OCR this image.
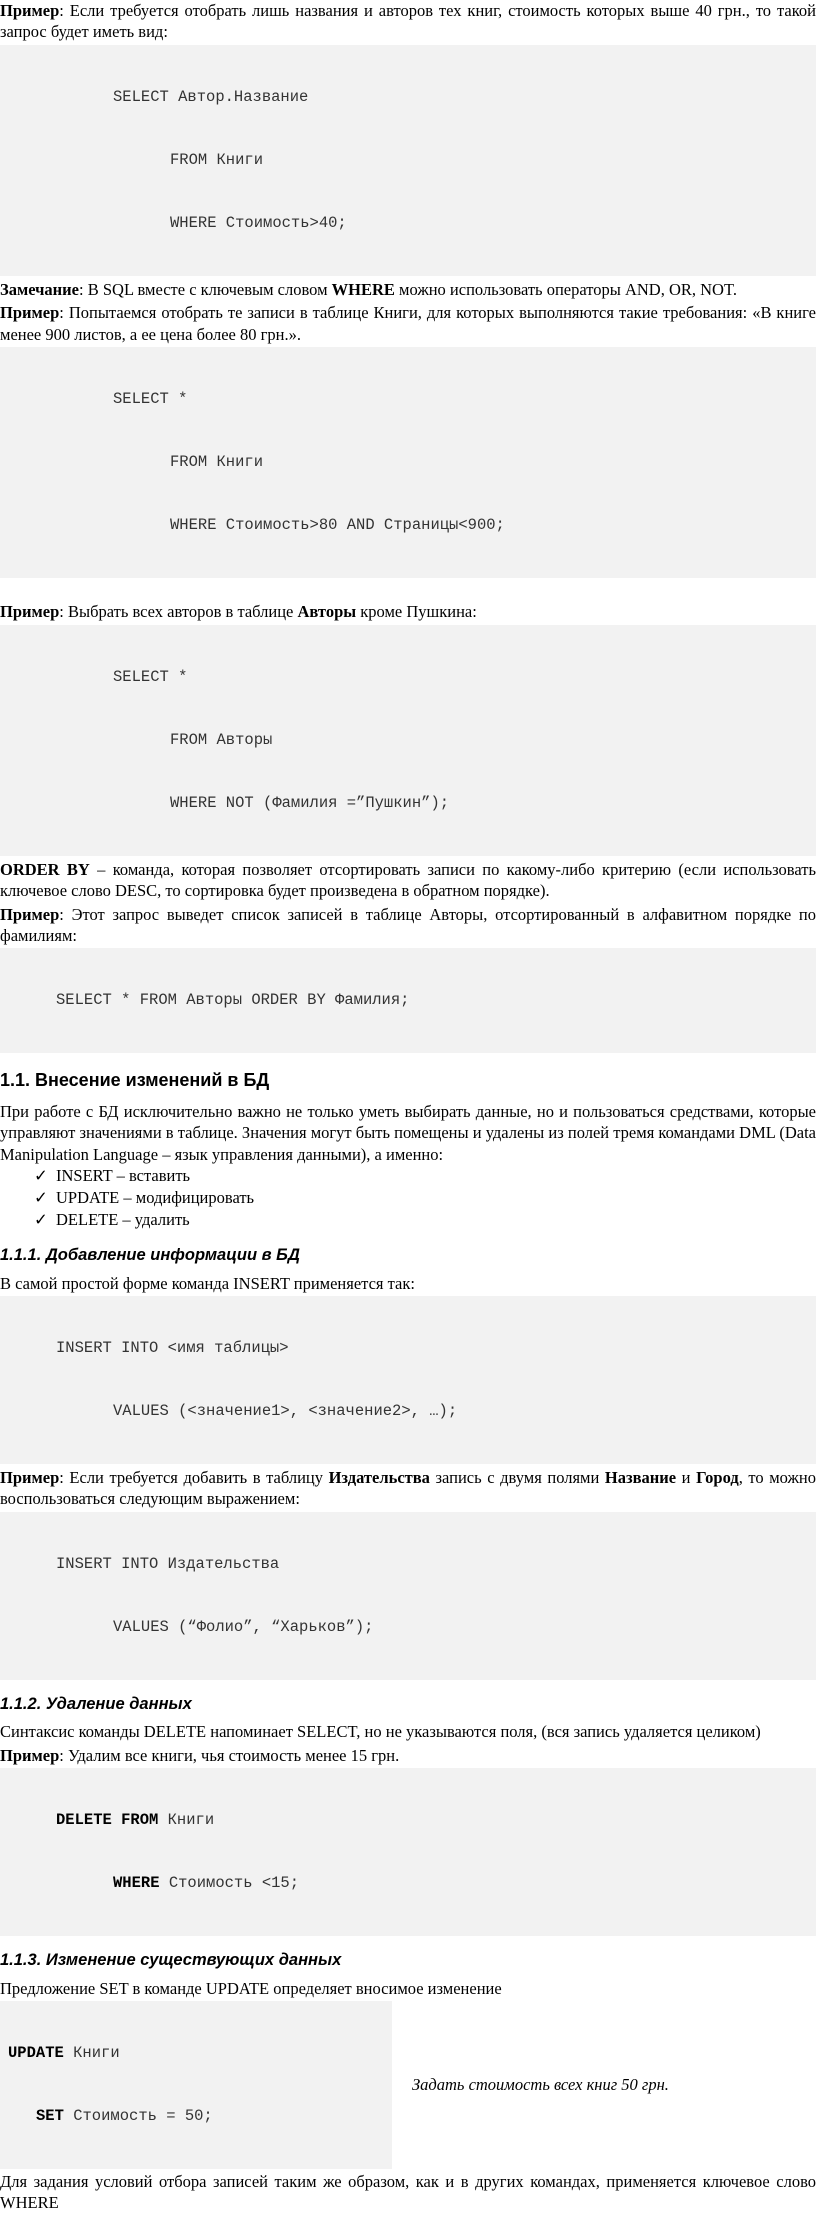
Пример: Если требуется отобрать лишь названия и авторов тех книг, стоимость которых выше 40 грн., то такой запрос будет иметь вид:

SELECT Автор.Название

FROM Книги

WHERE Стоимость>40;

Замечание: В SQL вместе с ключевым словом WHERE можно использовать операторы AND, OR, NOT.

Пример: Попытаемся отобрать те записи в таблице Книги, для которых выполняются такие требования: «В книге менее 900 листов, а ее цена более 80 грн.».

SELECT *

FROM Книги

WHERE Стоимость>80 AND Страницы<900;

Пример: Выбрать всех авторов в таблице Авторы кроме Пушкина:

SELECT *

FROM Авторы

WHERE NOT (Фамилия =”Пушкин”);

ORDER BY – команда, которая позволяет отсортировать записи по какому-либо критерию (если использовать ключевое слово DESC, то сортировка будет произведена в обратном порядке).

Пример: Этот запрос выведет список записей в таблице Авторы, отсортированный в алфавитном порядке по фамилиям:

SELECT * FROM Авторы ORDER BY Фамилия;

1.1. Внесение изменений в БД

При работе с БД исключительно важно не только уметь выбирать данные, но и пользоваться средствами, которые управляют значениями в таблице. Значения могут быть помещены и удалены из полей тремя командами DML (Data Manipulation Language – язык управления данными), а именно:

✓ INSERT – вставить
✓ UPDATE – модифицировать
✓ DELETE – удалить
1.1.1. Добавление информации в БД

В самой простой форме команда INSERT применяется так:

INSERT INTO <имя таблицы>

VALUES (<значение1>, <значение2>, …);

Пример: Если требуется добавить в таблицу Издательства запись с двумя полями Название и Город, то можно воспользоваться следующим выражением:

INSERT INTO Издательства

VALUES (“Фолио”, “Харьков”);

1.1.2. Удаление данных

Синтаксис команды DELETE напоминает SELECT, но не указываются поля, (вся запись удаляется целиком)

Пример: Удалим все книги, чья стоимость менее 15 грн.

DELETE FROM Книги

WHERE Стоимость <15;

1.1.3. Изменение существующих данных

Предложение SET в команде UPDATE определяет вносимое изменение

UPDATE Книги

SET Стоимость = 50;

Задать стоимость всех книг 50 грн.

Для задания условий отбора записей таким же образом, как и в других командах, применяется ключевое слово WHERE
